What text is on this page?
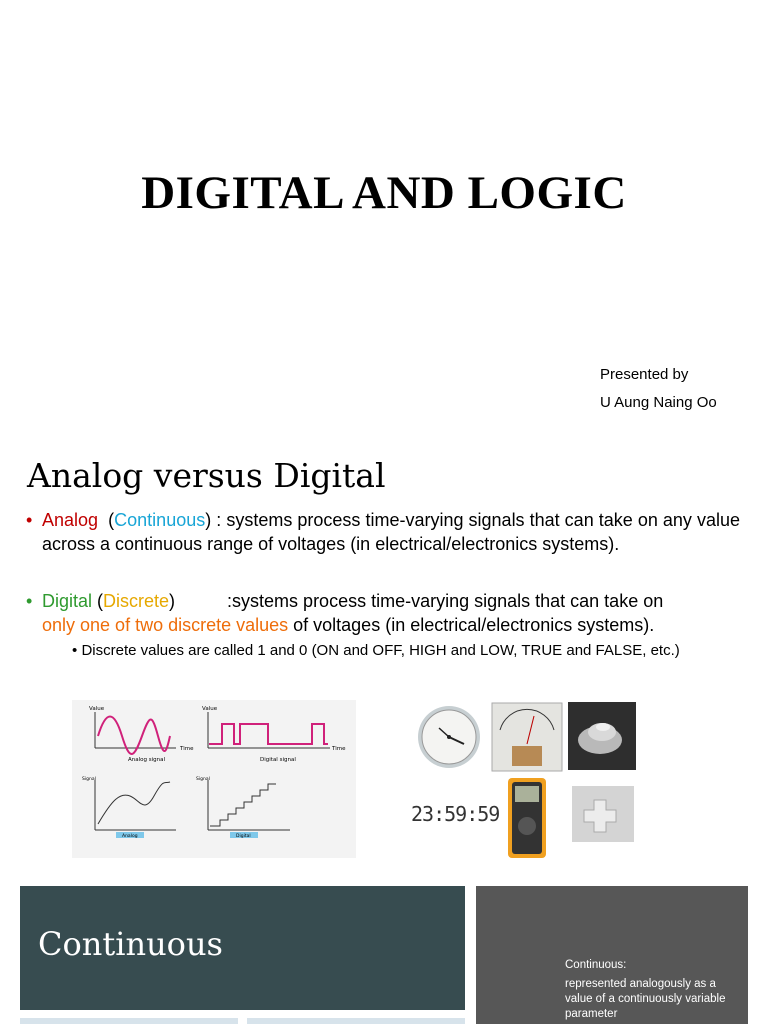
DIGITAL AND LOGIC
Presented by
U Aung Naing Oo
Analog versus Digital
• Analog  (Continuous) : systems process time-varying signals that can take on any value across a continuous range of voltages (in electrical/electronics systems).
• Digital (Discrete)	:systems process time-varying signals that can take on
only one of two discrete values of voltages (in electrical/electronics systems).
• Discrete values are called 1 and 0 (ON and OFF, HIGH and LOW, TRUE and FALSE, etc.)
Value
Time
Analog signal
Value
Time
Digital signal
Signal
Analog
Signal
Digital
23:59:59
Continuous
Continuous:
represented analogously as a value of a continuously variable parameter
